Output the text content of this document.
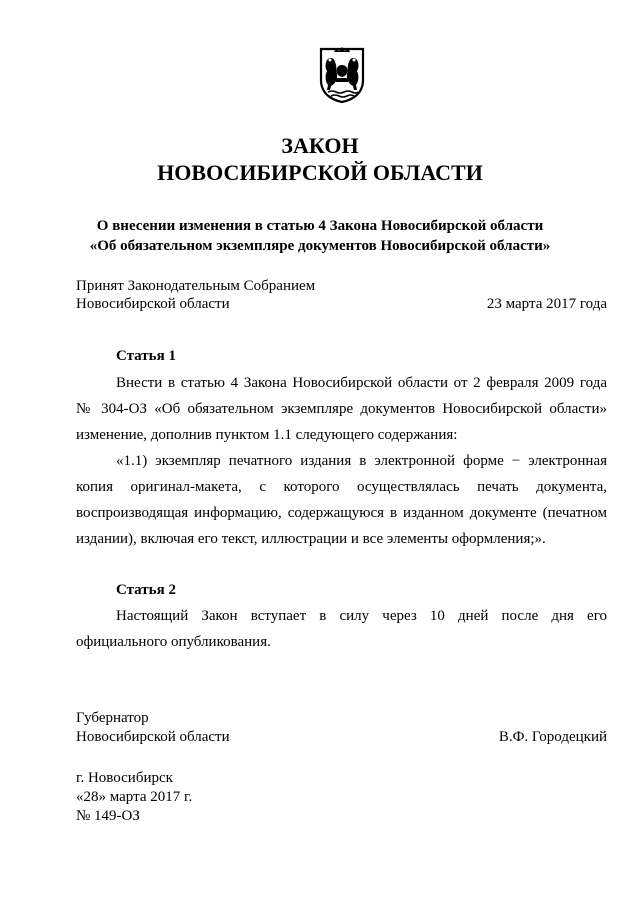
ЗАКОН
НОВОСИБИРСКОЙ ОБЛАСТИ
О внесении изменения в статью 4 Закона Новосибирской области
«Об обязательном экземпляре документов Новосибирской области»
Принят Законодательным Собранием
Новосибирской области	23 марта 2017 года
Статья 1
Внести в статью 4 Закона Новосибирской области от 2 февраля 2009 года
№ 304-ОЗ «Об обязательном экземпляре документов Новосибирской области»
изменение, дополнив пунктом 1.1 следующего содержания:
«1.1) экземпляр печатного издания в электронной форме − электронная
копия оригинал-макета, с которого осуществлялась печать документа,
воспроизводящая информацию, содержащуюся в изданном документе (печатном
издании), включая его текст, иллюстрации и все элементы оформления;».
Статья 2
Настоящий Закон вступает в силу через 10 дней после дня его
официального опубликования.
Губернатор
Новосибирской области	В.Ф. Городецкий
г. Новосибирск
«28» марта 2017 г.
№ 149-ОЗ
